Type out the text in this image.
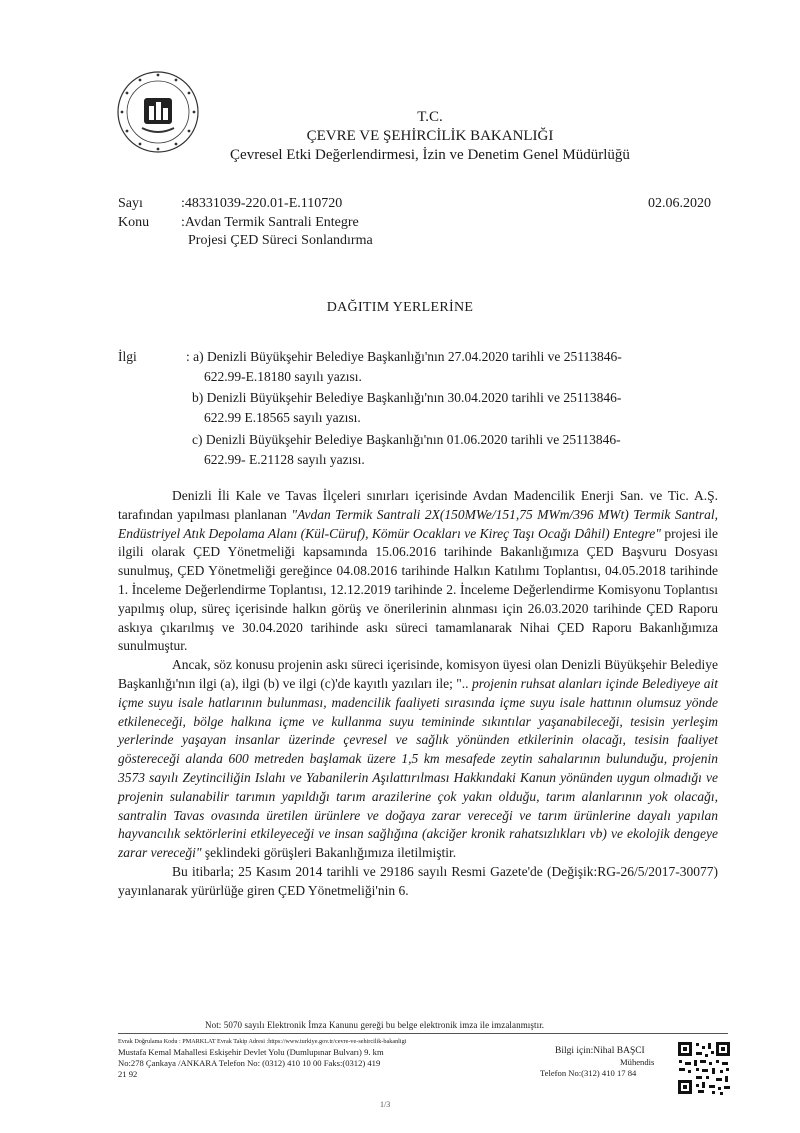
T.C.
ÇEVRE VE ŞEHİRCİLİK BAKANLIĞI
Çevresel Etki Değerlendirmesi, İzin ve Denetim Genel Müdürlüğü
Sayı	:48331039-220.01-E.110720	02.06.2020
Konu :Avdan Termik Santrali Entegre
Projesi ÇED Süreci Sonlandırma
DAĞITIM YERLERİNE
İlgi	: a) Denizli Büyükşehir Belediye Başkanlığı'nın 27.04.2020 tarihli ve 25113846-
622.99-E.18180 sayılı yazısı.
b) Denizli Büyükşehir Belediye Başkanlığı'nın 30.04.2020 tarihli ve 25113846-
622.99 E.18565 sayılı yazısı.
c) Denizli Büyükşehir Belediye Başkanlığı'nın 01.06.2020 tarihli ve 25113846-
622.99- E.21128 sayılı yazısı.

Denizli İli Kale ve Tavas İlçeleri sınırları içerisinde Avdan Madencilik Enerji San. ve Tic. A.Ş. tarafından yapılması planlanan "Avdan Termik Santrali 2X(150MWe/151,75 MWm/396 MWt) Termik Santral, Endüstriyel Atık Depolama Alanı (Kül-Cüruf), Kömür Ocakları ve Kireç Taşı Ocağı Dâhil) Entegre" projesi ile ilgili olarak ÇED Yönetmeliği kapsamında 15.06.2016 tarihinde Bakanlığımıza ÇED Başvuru Dosyası sunulmuş, ÇED Yönetmeliği gereğince 04.08.2016 tarihinde Halkın Katılımı Toplantısı, 04.05.2018 tarihinde 1. İnceleme Değerlendirme Toplantısı, 12.12.2019 tarihinde 2. İnceleme Değerlendirme Komisyonu Toplantısı yapılmış olup, süreç içerisinde halkın görüş ve önerilerinin alınması için 26.03.2020 tarihinde ÇED Raporu askıya çıkarılmış ve 30.04.2020 tarihinde askı süreci tamamlanarak Nihai ÇED Raporu Bakanlığımıza sunulmuştur.

Ancak, söz konusu projenin askı süreci içerisinde, komisyon üyesi olan Denizli Büyükşehir Belediye Başkanlığı'nın ilgi (a), ilgi (b) ve ilgi (c)'de kayıtlı yazıları ile; ".. projenin ruhsat alanları içinde Belediyeye ait içme suyu isale hatlarının bulunması, madencilik faaliyeti sırasında içme suyu isale hattının olumsuz yönde etkileneceği, bölge halkına içme ve kullanma suyu temininde sıkıntılar yaşanabileceği, tesisin yerleşim yerlerinde yaşayan insanlar üzerinde çevresel ve sağlık yönünden etkilerinin olacağı, tesisin faaliyet göstereceği alanda 600 metreden başlamak üzere 1,5 km mesafede zeytin sahalarının bulunduğu, projenin 3573 sayılı Zeytinciliğin Islahı ve Yabanilerin Aşılattırılması Hakkındaki Kanun yönünden uygun olmadığı ve projenin sulanabilir tarımın yapıldığı tarım arazilerine çok yakın olduğu, tarım alanlarının yok olacağı, santralin Tavas ovasında üretilen ürünlere ve doğaya zarar vereceği ve tarım ürünlerine dayalı yapılan hayvancılık sektörlerini etkileyeceği ve insan sağlığına (akciğer kronik rahatsızlıkları vb) ve ekolojik dengeye zarar vereceği" şeklindeki görüşleri Bakanlığımıza iletilmiştir.

Bu itibarla; 25 Kasım 2014 tarihli ve 29186 sayılı Resmi Gazete'de (Değişik:RG-26/5/2017-30077) yayınlanarak yürürlüğe giren ÇED Yönetmeliği'nin 6.

Not: 5070 sayılı Elektronik İmza Kanunu gereği bu belge elektronik imza ile imzalanmıştır.
Evrak Doğrulama Kodu : PMARKLAT Evrak Takip Adresi :https://www.turkiye.gov.tr/cevre-ve-sehircilik-bakanligi
Mustafa Kemal Mahallesi Eskişehir Devlet Yolu (Dumlupınar Bulvarı) 9. km
No:278 Çankaya /ANKARA Telefon No: (0312) 410 10 00 Faks:(0312) 419
21 92
Bilgi için:Nihal BAŞCI
Mühendis
Telefon No:(312) 410 17 84
1/3
